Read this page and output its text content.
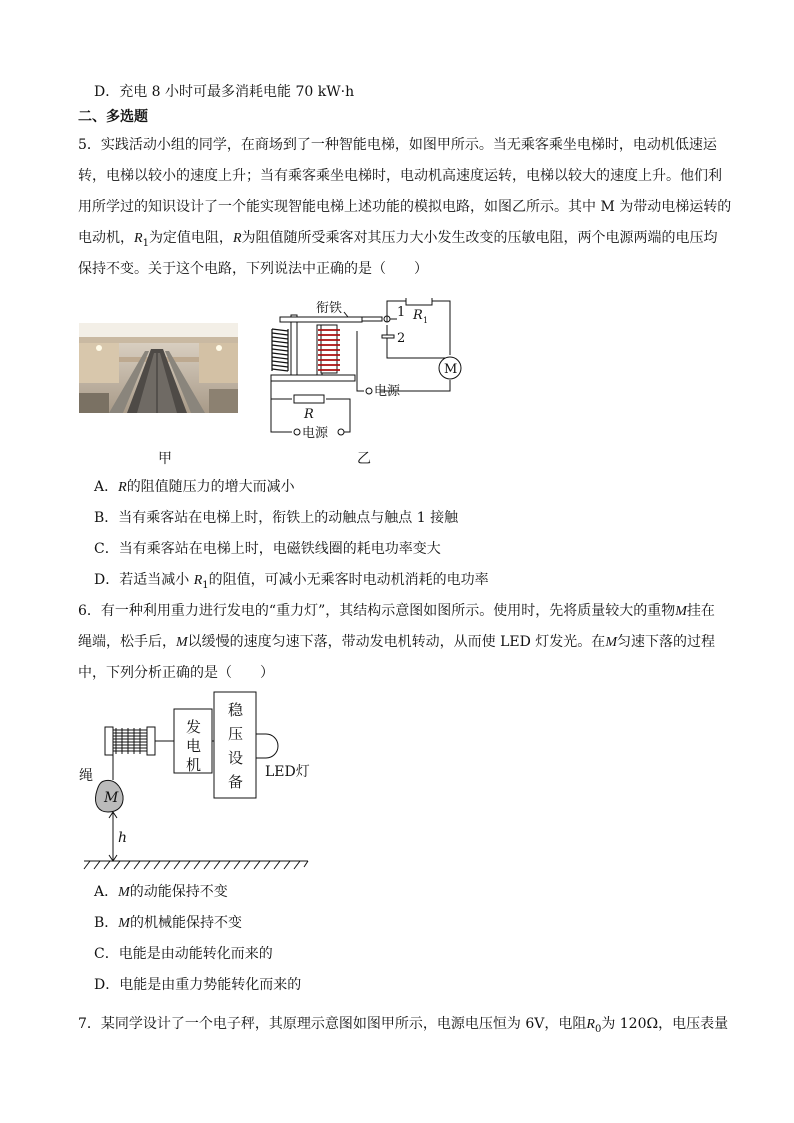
D．充电 8 小时可最多消耗电能 70 kW·h
二、多选题
5．实践活动小组的同学，在商场到了一种智能电梯，如图甲所示。当无乘客乘坐电梯时，电动机低速运
转，电梯以较小的速度上升；当有乘客乘坐电梯时，电动机高速度运转，电梯以较大的速度上升。他们利
用所学过的知识设计了一个能实现智能电梯上述功能的模拟电路，如图乙所示。其中 M 为带动电梯运转的
电动机，$R_1$为定值电阻，R为阻值随所受乘客对其压力大小发生改变的压敏电阻，两个电源两端的电压均
保持不变。关于这个电路，下列说法中正确的是（　　）
甲
衔铁	1
2
R 1
M
电源
R
电源
乙
A．R的阻值随压力的增大而减小
B．当有乘客站在电梯上时，衔铁上的动触点与触点 1 接触
C．当有乘客站在电梯上时，电磁铁线圈的耗电功率变大
D．若适当减小 $R_1$的阻值，可减小无乘客时电动机消耗的电功率
6．有一种利用重力进行发电的“重力灯”，其结构示意图如图所示。使用时，先将质量较大的重物M挂在
绳端，松手后，M以缓慢的速度匀速下落，带动发电机转动，从而使 LED 灯发光。在M匀速下落的过程
中，下列分析正确的是（　　）
发
电
机
稳
压
设
备
LED灯
绳
M
h
A．M的动能保持不变
B．M的机械能保持不变
C．电能是由动能转化而来的
D．电能是由重力势能转化而来的
7．某同学设计了一个电子秤，其原理示意图如图甲所示，电源电压恒为 6V，电阻$R_0$为 120Ω，电压表量
